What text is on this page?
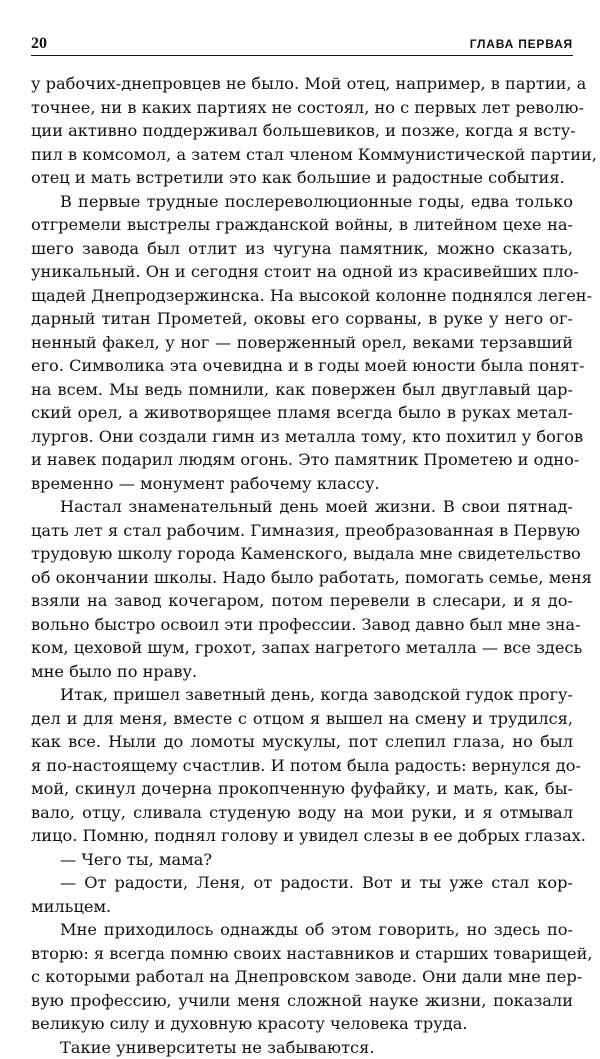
20	ГЛАВА ПЕРВАЯ
у рабочих-днепровцев не было. Мой отец, например, в партии, а
точнее, ни в каких партиях не состоял, но с первых лет револю-
ции активно поддерживал большевиков, и позже, когда я всту-
пил в комсомол, а затем стал членом Коммунистической партии,
отец и мать встретили это как большие и радостные события.
В первые трудные послереволюционные годы, едва только
отгремели выстрелы гражданской войны, в литейном цехе на-
шего завода был отлит из чугуна памятник, можно сказать,
уникальный. Он и сегодня стоит на одной из красивейших пло-
щадей Днепродзержинска. На высокой колонне поднялся леген-
дарный титан Прометей, оковы его сорваны, в руке у него ог-
ненный факел, у ног — поверженный орел, веками терзавший
его. Символика эта очевидна и в годы моей юности была понят-
на всем. Мы ведь помнили, как повержен был двуглавый цар-
ский орел, а животворящее пламя всегда было в руках метал-
лургов. Они создали гимн из металла тому, кто похитил у богов
и навек подарил людям огонь. Это памятник Прометею и одно-
временно — монумент рабочему классу.
Настал знаменательный день моей жизни. В свои пятнад-
цать лет я стал рабочим. Гимназия, преобразованная в Первую
трудовую школу города Каменского, выдала мне свидетельство
об окончании школы. Надо было работать, помогать семье, меня
взяли на завод кочегаром, потом перевели в слесари, и я до-
вольно быстро освоил эти профессии. Завод давно был мне зна-
ком, цеховой шум, грохот, запах нагретого металла — все здесь
мне было по нраву.
Итак, пришел заветный день, когда заводской гудок прогу-
дел и для меня, вместе с отцом я вышел на смену и трудился,
как все. Ныли до ломоты мускулы, пот слепил глаза, но был
я по-настоящему счастлив. И потом была радость: вернулся до-
мой, скинул дочерна прокопченную фуфайку, и мать, как, бы-
вало, отцу, сливала студеную воду на мои руки, и я отмывал
лицо. Помню, поднял голову и увидел слезы в ее добрых глазах.
— Чего ты, мама?
— От радости, Леня, от радости. Вот и ты уже стал кор-
мильцем.
Мне приходилось однажды об этом говорить, но здесь по-
вторю: я всегда помню своих наставников и старших товарищей,
с которыми работал на Днепровском заводе. Они дали мне пер-
вую профессию, учили меня сложной науке жизни, показали
великую силу и духовную красоту человека труда.
Такие университеты не забываются.
